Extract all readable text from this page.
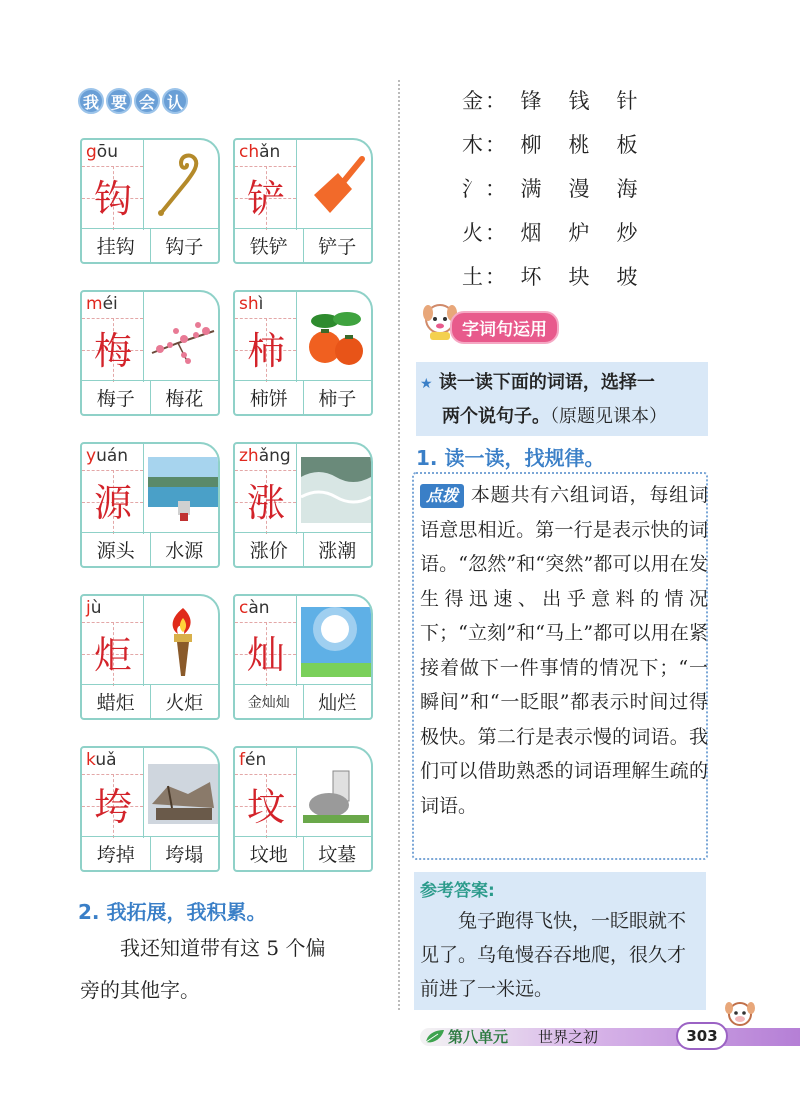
我 要 会 认
gōu
钩
挂钩	钩子
chǎn
铲
铁铲	铲子
méi
梅
梅子	梅花
shì
柿
柿饼	柿子
yuán
源
源头	水源
zhǎng
涨
涨价	涨潮
jù
炬
蜡炬	火炬
càn
灿
金灿灿	灿烂
kuǎ
垮
垮掉	垮塌
fén
坟
坟地	坟墓
2. 我拓展，我积累。
我还知道带有这 5 个偏
旁的其他字。
金： 锋	钱	针
木： 柳	桃	板
氵： 满	漫	海
火： 烟	炉	炒
土： 坏	块	坡
字词句运用
★ 读一读下面的词语，选择一
两个说句子。（原题见课本）
1. 读一读，找规律。
点拨 本题共有六组词语，每组词语意思相近。第一行是表示快的词语。“忽然”和“突然”都可以用在发生得迅速、出乎意料的情况下；“立刻”和“马上”都可以用在紧接着做下一件事情的情况下；“一瞬间”和“一眨眼”都表示时间过得极快。第二行是表示慢的词语。我们可以借助熟悉的词语理解生疏的词语。
参考答案:
兔子跑得飞快，一眨眼就不见了。乌龟慢吞吞地爬，很久才前进了一米远。
第八单元 世界之初	303
